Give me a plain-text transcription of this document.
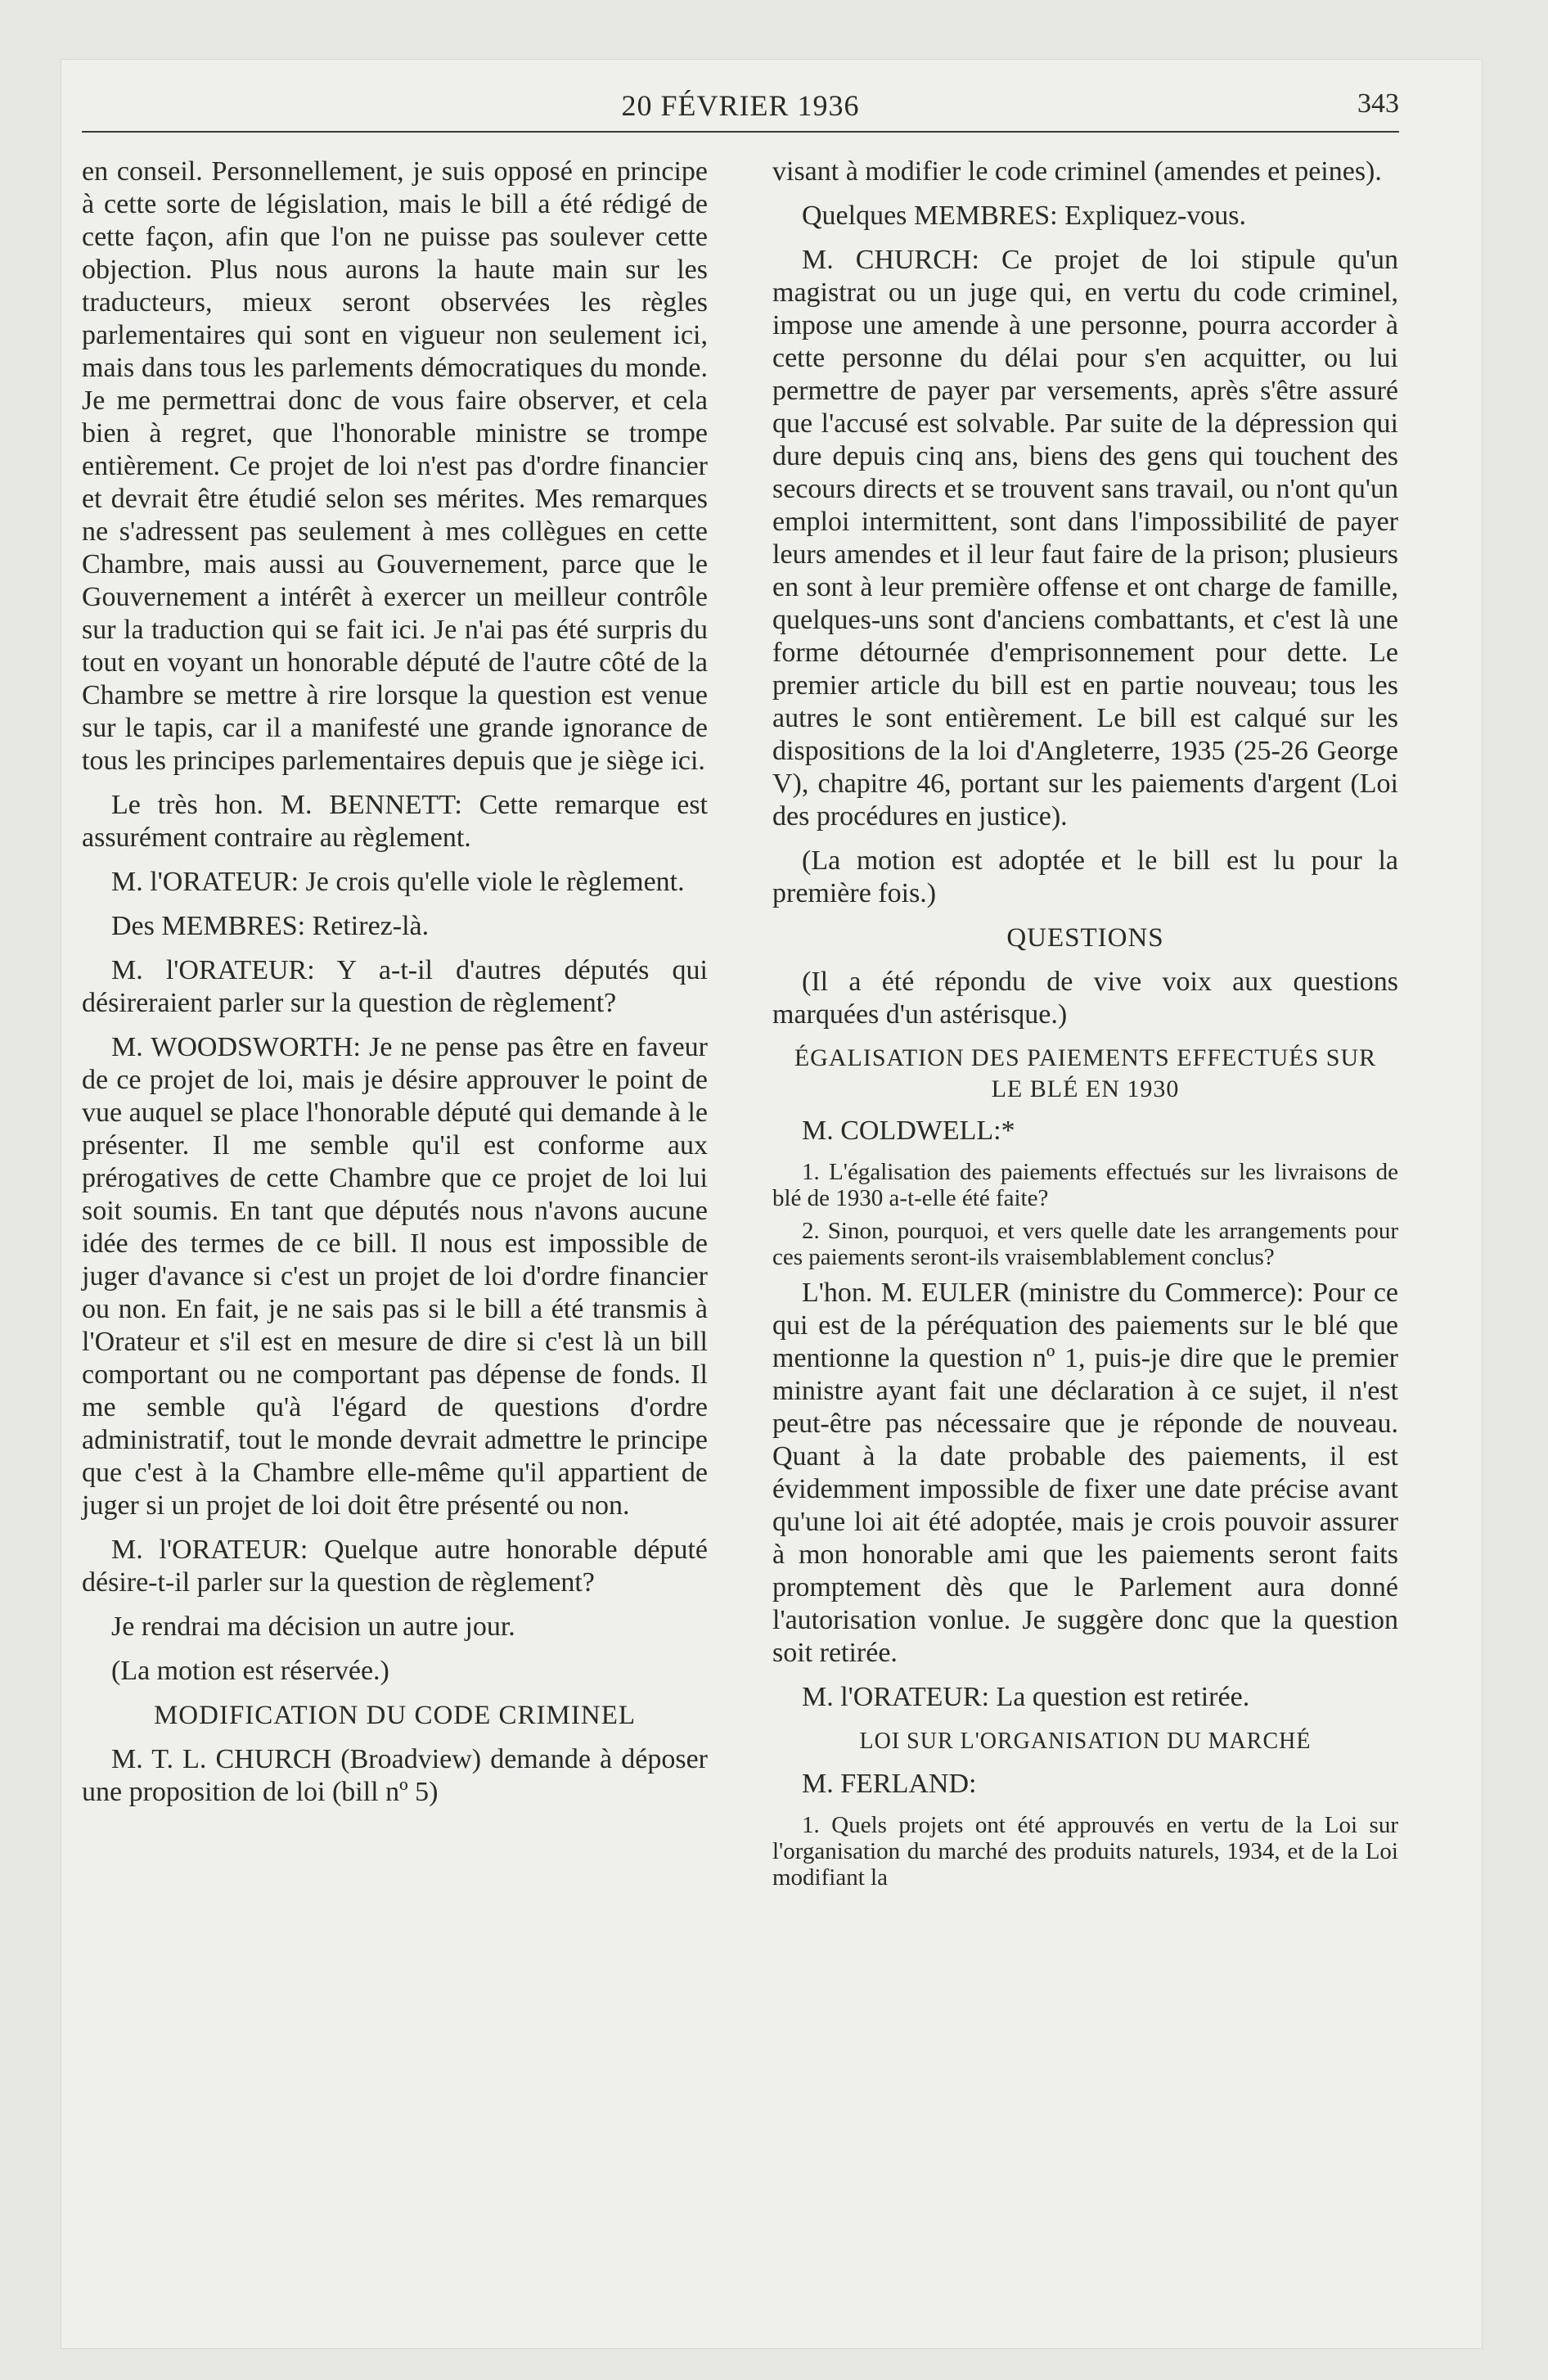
20 FÉVRIER 1936	343

en conseil. Personnellement, je suis opposé en principe à cette sorte de législation, mais le bill a été rédigé de cette façon, afin que l'on ne puisse pas soulever cette objection. Plus nous aurons la haute main sur les traducteurs, mieux seront observées les règles parlementaires qui sont en vigueur non seulement ici, mais dans tous les parlements démocratiques du monde. Je me permettrai donc de vous faire observer, et cela bien à regret, que l'honorable ministre se trompe entièrement. Ce projet de loi n'est pas d'ordre financier et devrait être étudié selon ses mérites. Mes remarques ne s'adressent pas seulement à mes collègues en cette Chambre, mais aussi au Gouvernement, parce que le Gouvernement a intérêt à exercer un meilleur contrôle sur la traduction qui se fait ici. Je n'ai pas été surpris du tout en voyant un honorable député de l'autre côté de la Chambre se mettre à rire lorsque la question est venue sur le tapis, car il a manifesté une grande ignorance de tous les principes parlementaires depuis que je siège ici.

Le très hon. M. BENNETT: Cette remarque est assurément contraire au règlement.

M. l'ORATEUR: Je crois qu'elle viole le règlement.

Des MEMBRES: Retirez-là.

M. l'ORATEUR: Y a-t-il d'autres députés qui désireraient parler sur la question de règlement?

M. WOODSWORTH: Je ne pense pas être en faveur de ce projet de loi, mais je désire approuver le point de vue auquel se place l'honorable député qui demande à le présenter. Il me semble qu'il est conforme aux prérogatives de cette Chambre que ce projet de loi lui soit soumis. En tant que députés nous n'avons aucune idée des termes de ce bill. Il nous est impossible de juger d'avance si c'est un projet de loi d'ordre financier ou non. En fait, je ne sais pas si le bill a été transmis à l'Orateur et s'il est en mesure de dire si c'est là un bill comportant ou ne comportant pas dépense de fonds. Il me semble qu'à l'égard de questions d'ordre administratif, tout le monde devrait admettre le principe que c'est à la Chambre elle-même qu'il appartient de juger si un projet de loi doit être présenté ou non.

M. l'ORATEUR: Quelque autre honorable député désire-t-il parler sur la question de règlement?

Je rendrai ma décision un autre jour.

(La motion est réservée.)

MODIFICATION DU CODE CRIMINEL

M. T. L. CHURCH (Broadview) demande à déposer une proposition de loi (bill nº 5)

visant à modifier le code criminel (amendes et peines).

Quelques MEMBRES: Expliquez-vous.

M. CHURCH: Ce projet de loi stipule qu'un magistrat ou un juge qui, en vertu du code criminel, impose une amende à une personne, pourra accorder à cette personne du délai pour s'en acquitter, ou lui permettre de payer par versements, après s'être assuré que l'accusé est solvable. Par suite de la dépression qui dure depuis cinq ans, biens des gens qui touchent des secours directs et se trouvent sans travail, ou n'ont qu'un emploi intermittent, sont dans l'impossibilité de payer leurs amendes et il leur faut faire de la prison; plusieurs en sont à leur première offense et ont charge de famille, quelques-uns sont d'anciens combattants, et c'est là une forme détournée d'emprisonnement pour dette. Le premier article du bill est en partie nouveau; tous les autres le sont entièrement. Le bill est calqué sur les dispositions de la loi d'Angleterre, 1935 (25-26 George V), chapitre 46, portant sur les paiements d'argent (Loi des procédures en justice).

(La motion est adoptée et le bill est lu pour la première fois.)

QUESTIONS

(Il a été répondu de vive voix aux questions marquées d'un astérisque.)

ÉGALISATION DES PAIEMENTS EFFECTUÉS SUR
LE BLÉ EN 1930

M. COLDWELL:*

1. L'égalisation des paiements effectués sur les livraisons de blé de 1930 a-t-elle été faite?

2. Sinon, pourquoi, et vers quelle date les arrangements pour ces paiements seront-ils vraisemblablement conclus?

L'hon. M. EULER (ministre du Commerce): Pour ce qui est de la péréquation des paiements sur le blé que mentionne la question nº 1, puis-je dire que le premier ministre ayant fait une déclaration à ce sujet, il n'est peut-être pas nécessaire que je réponde de nouveau. Quant à la date probable des paiements, il est évidemment impossible de fixer une date précise avant qu'une loi ait été adoptée, mais je crois pouvoir assurer à mon honorable ami que les paiements seront faits promptement dès que le Parlement aura donné l'autorisation vonlue. Je suggère donc que la question soit retirée.

M. l'ORATEUR: La question est retirée.

LOI SUR L'ORGANISATION DU MARCHÉ

M. FERLAND:

1. Quels projets ont été approuvés en vertu de la Loi sur l'organisation du marché des produits naturels, 1934, et de la Loi modifiant la
